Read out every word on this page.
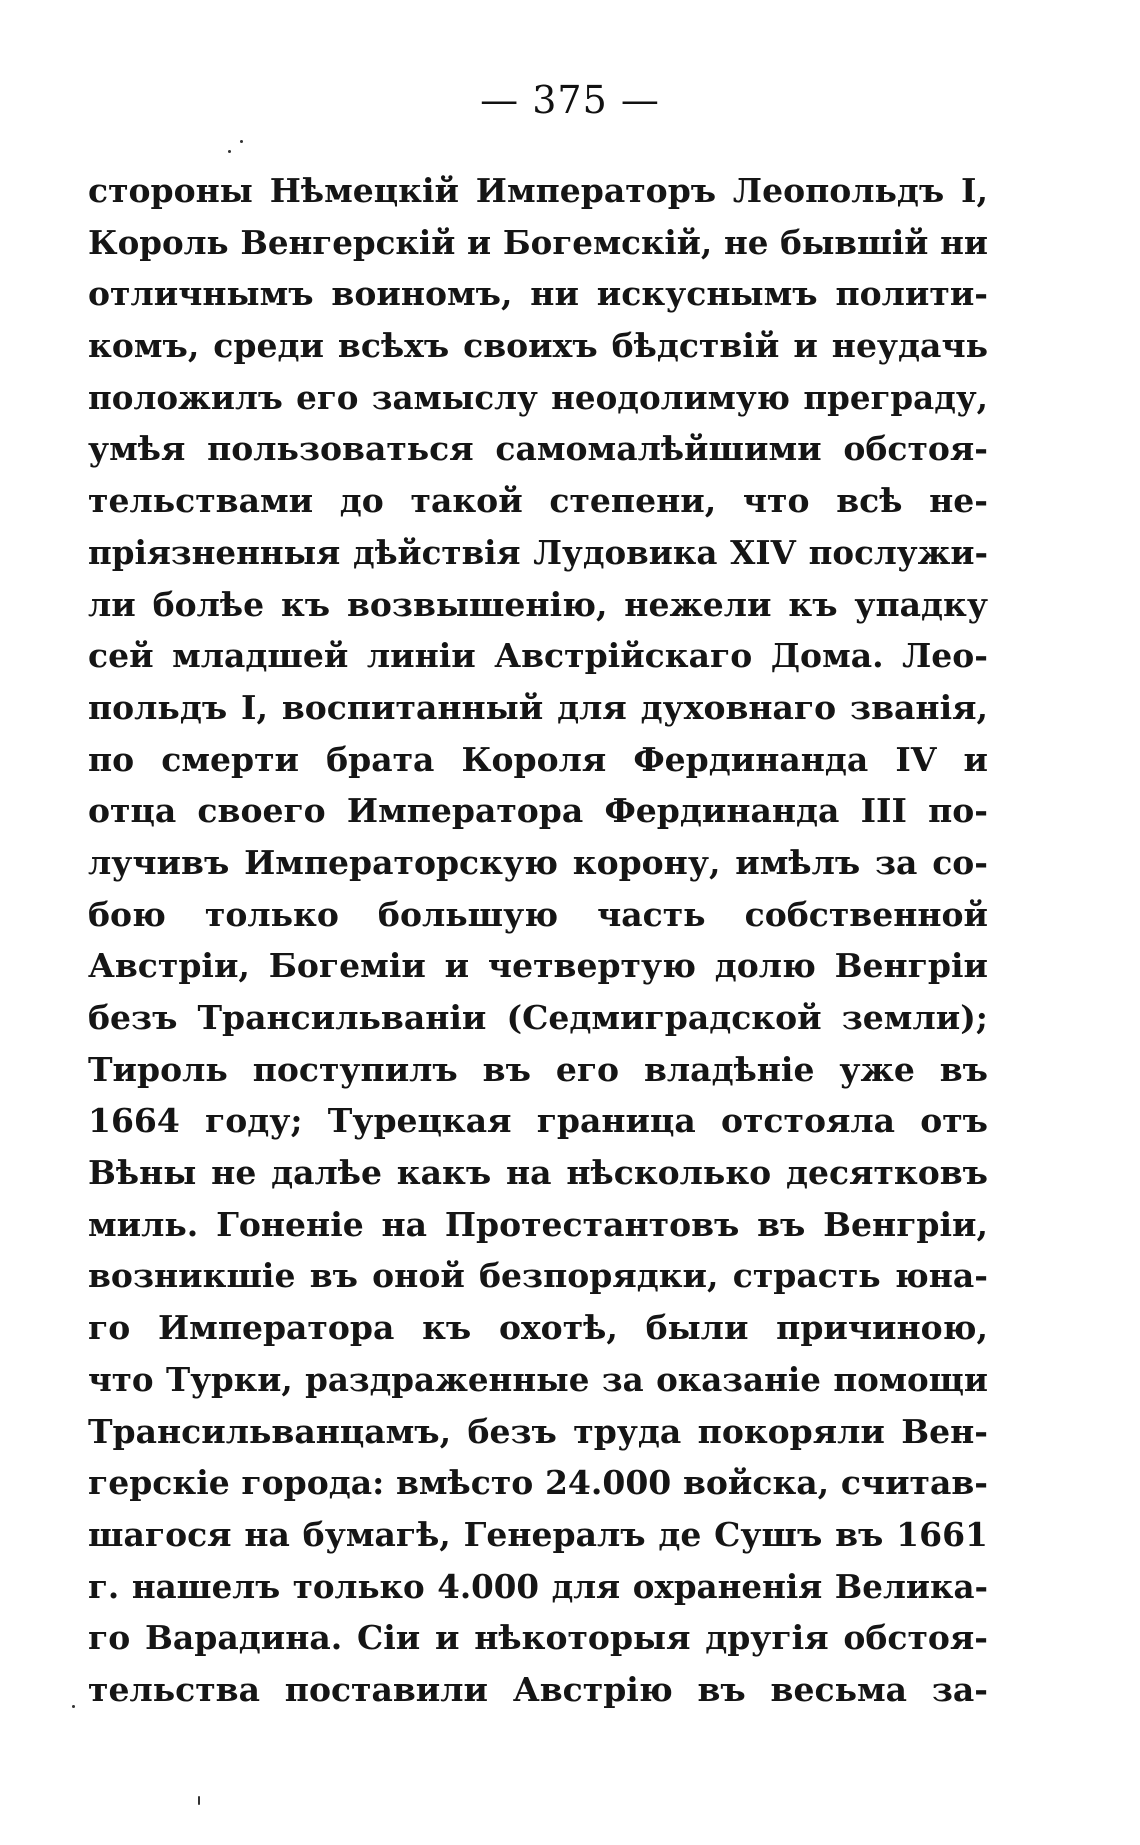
— 375 —
стороны Нѣмецкій Императоръ Леопольдъ I,
Король Венгерскій и Богемскій, не бывшій ни
отличнымъ воиномъ, ни искуснымъ полити-
комъ, среди всѣхъ своихъ бѣдствій и неудачь
положилъ его замыслу неодолимую преграду,
умѣя пользоваться самомалѣйшими обстоя-
тельствами до такой степени, что всѣ не-
пріязненныя дѣйствія Лудовика XIV послужи-
ли болѣе къ возвышенію, нежели къ упадку
сей младшей линіи Австрійскаго Дома. Лео-
польдъ I, воспитанный для духовнаго званія,
по смерти брата Короля Фердинанда IV и
отца своего Императора Фердинанда III по-
лучивъ Императорскую корону, имѣлъ за со-
бою только большую часть собственной
Австріи, Богеміи и четвертую долю Венгріи
безъ Трансильваніи (Седмиградской земли);
Тироль поступилъ въ его владѣніе уже въ
1664 году; Турецкая граница отстояла отъ
Вѣны не далѣе какъ на нѣсколько десятковъ
миль. Гоненіе на Протестантовъ въ Венгріи,
возникшіе въ оной безпорядки, страсть юна-
го Императора къ охотѣ, были причиною,
что Турки, раздраженные за оказаніе помощи
Трансильванцамъ, безъ труда покоряли Вен-
герскіе города: вмѣсто 24.000 войска, считав-
шагося на бумагѣ, Генералъ де Сушъ въ 1661
г. нашелъ только 4.000 для охраненія Велика-
го Варадина. Сіи и нѣкоторыя другія обстоя-
тельства поставили Австрію въ весьма за-
